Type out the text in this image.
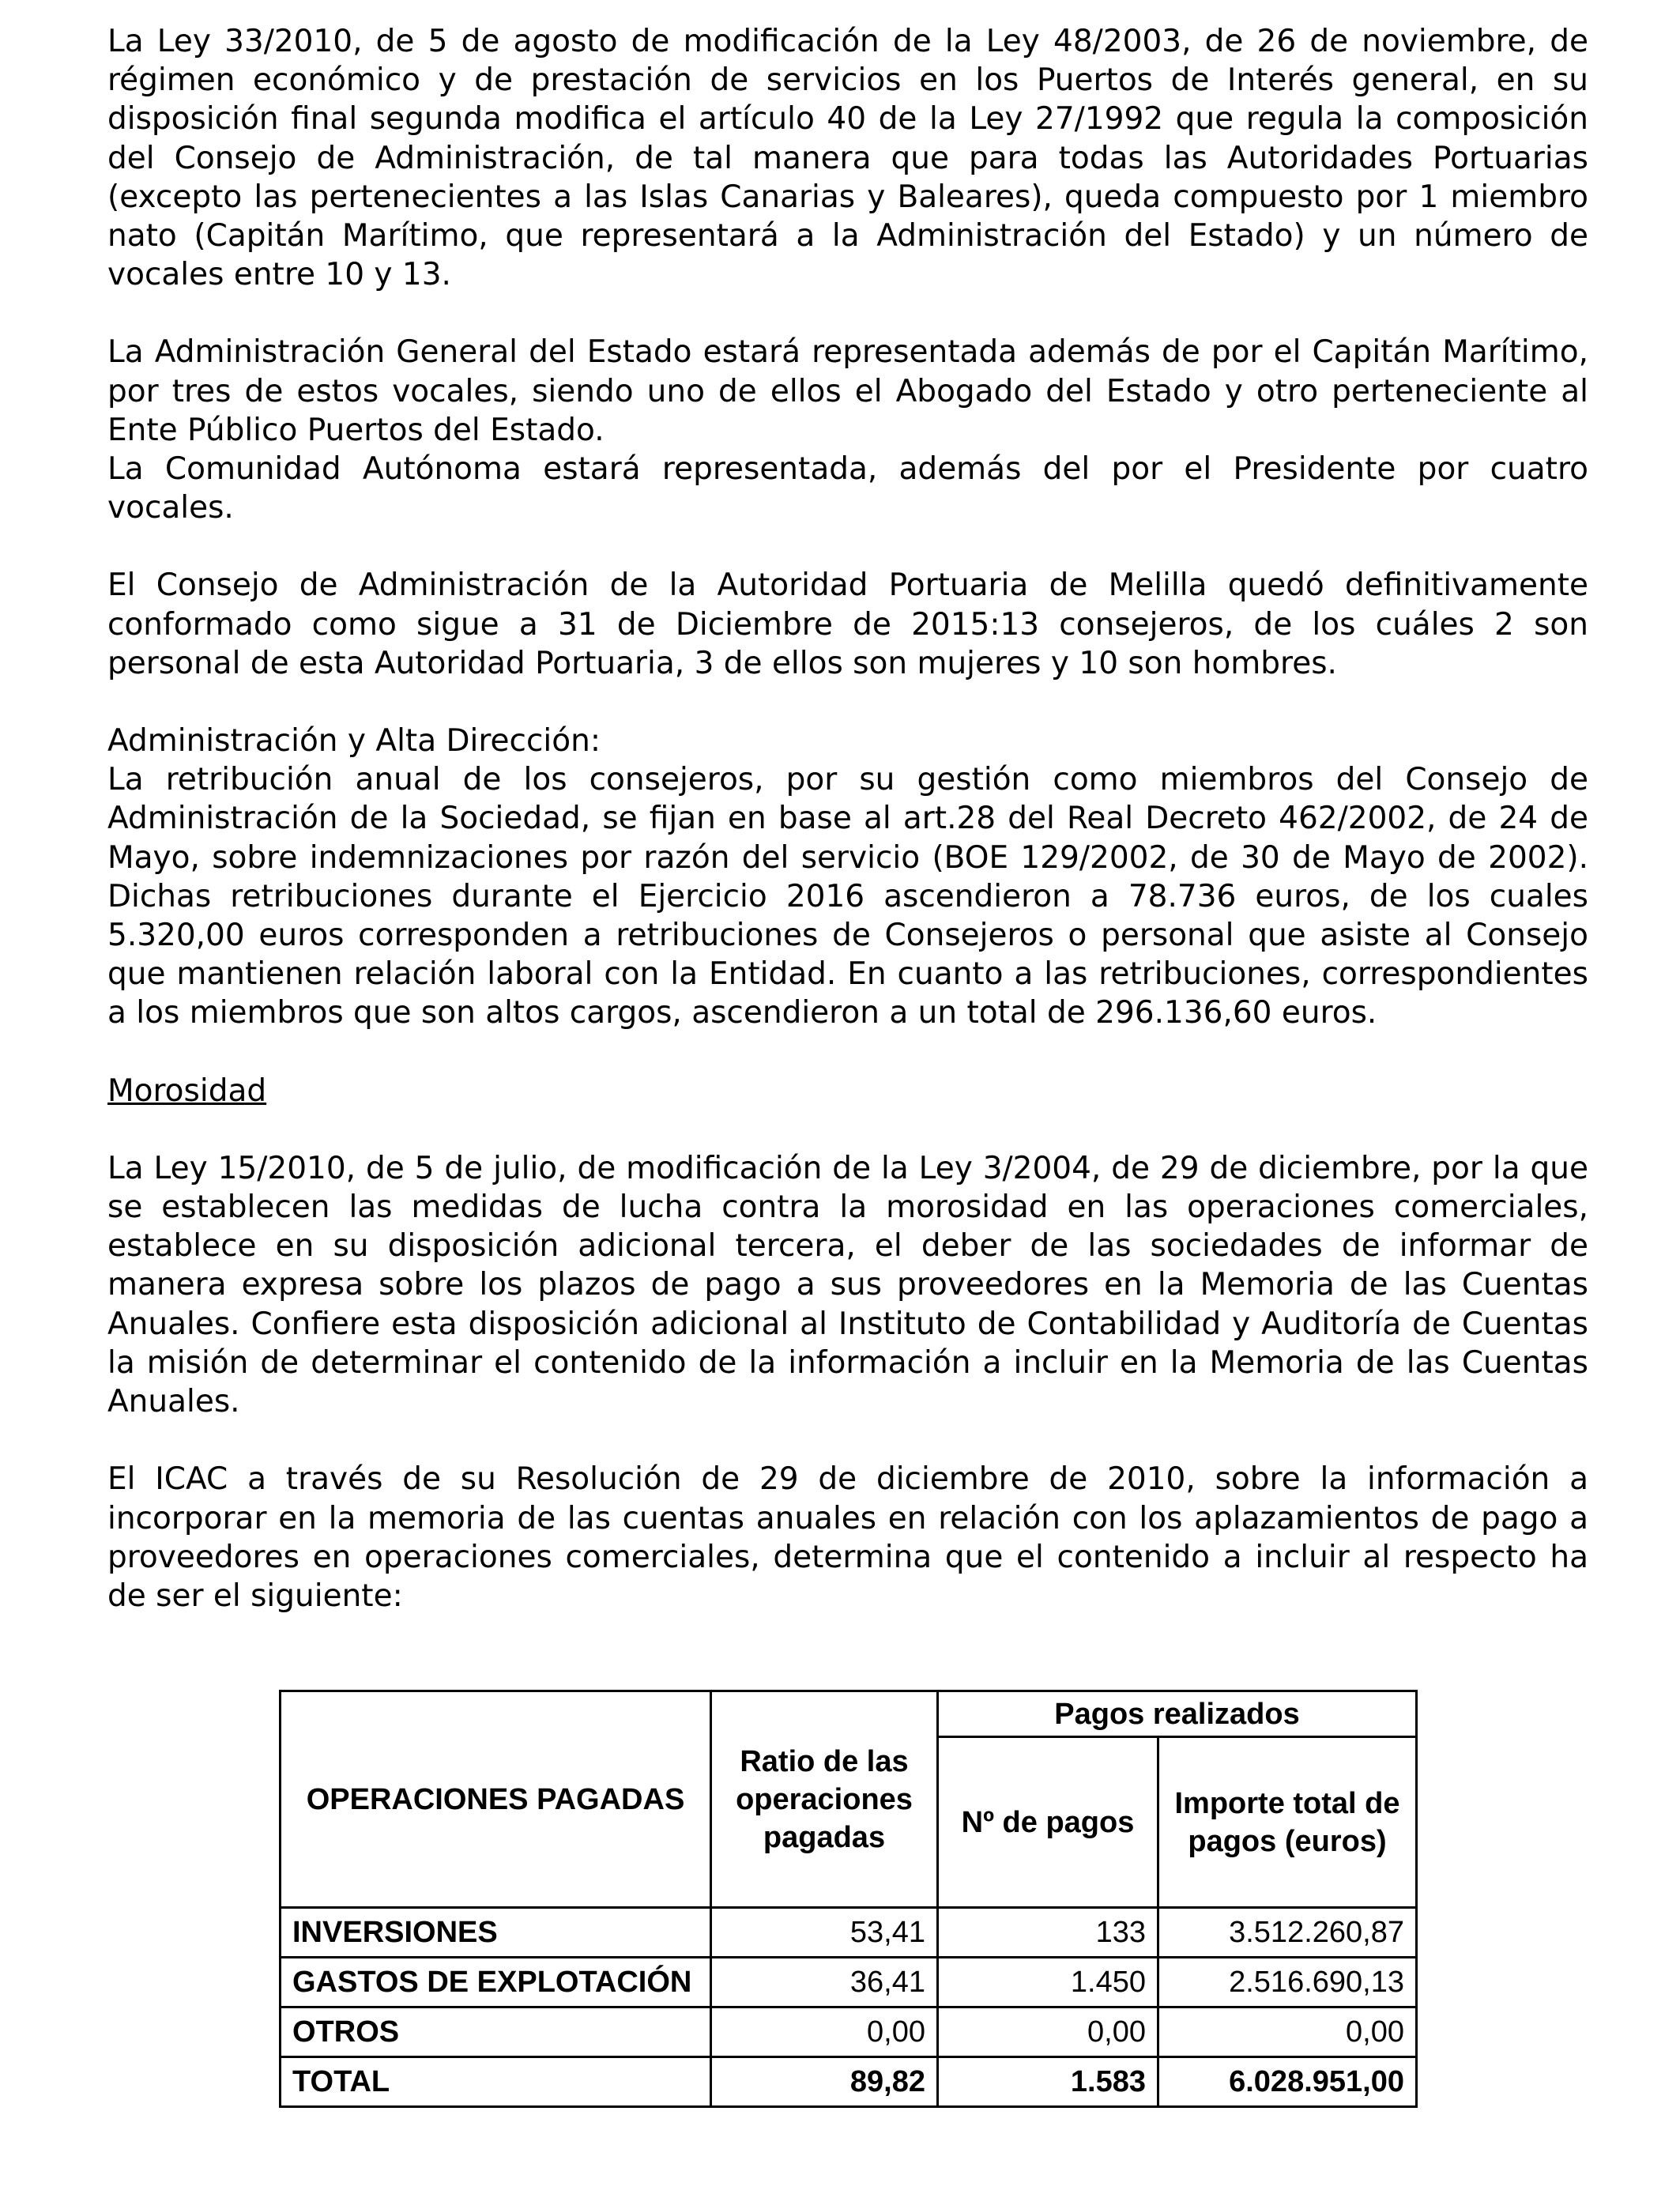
La Ley 33/2010, de 5 de agosto de modificación de la Ley 48/2003, de 26 de noviembre, de régimen económico y de prestación de servicios en los Puertos de Interés general, en su disposición final segunda modifica el artículo 40 de la Ley 27/1992 que regula la composición del Consejo de Administración, de tal manera que para todas las Autoridades Portuarias (excepto las pertenecientes a las Islas Canarias y Baleares), queda compuesto por 1 miembro nato (Capitán Marítimo, que representará a la Administración del Estado) y un número de vocales entre 10 y 13.

La Administración General del Estado estará representada además de por el Capitán Marítimo, por tres de estos vocales, siendo uno de ellos el Abogado del Estado y otro perteneciente al Ente Público Puertos del Estado.

La Comunidad Autónoma estará representada, además del por el Presidente por cuatro vocales.

El Consejo de Administración de la Autoridad Portuaria de Melilla quedó definitivamente conformado como sigue a 31 de Diciembre de 2015:13 consejeros, de los cuáles 2 son personal de esta Autoridad Portuaria, 3 de ellos son mujeres y 10 son hombres.

Administración y Alta Dirección:

La retribución anual de los consejeros, por su gestión como miembros del Consejo de Administración de la Sociedad, se fijan en base al art.28 del Real Decreto 462/2002, de 24 de Mayo, sobre indemnizaciones por razón del servicio (BOE 129/2002, de 30 de Mayo de 2002). Dichas retribuciones durante el Ejercicio 2016 ascendieron a 78.736 euros, de los cuales 5.320,00 euros corresponden a retribuciones de Consejeros o personal que asiste al Consejo que mantienen relación laboral con la Entidad. En cuanto a las retribuciones, correspondientes a los miembros que son altos cargos, ascendieron a un total de 296.136,60 euros.

Morosidad

La Ley 15/2010, de 5 de julio, de modificación de la Ley 3/2004, de 29 de diciembre, por la que se establecen las medidas de lucha contra la morosidad en las operaciones comerciales, establece en su disposición adicional tercera, el deber de las sociedades de informar de manera expresa sobre los plazos de pago a sus proveedores en la Memoria de las Cuentas Anuales. Confiere esta disposición adicional al Instituto de Contabilidad y Auditoría de Cuentas la misión de determinar el contenido de la información a incluir en la Memoria de las Cuentas Anuales.

El ICAC a través de su Resolución de 29 de diciembre de 2010, sobre la información a incorporar en la memoria de las cuentas anuales en relación con los aplazamientos de pago a proveedores en operaciones comerciales, determina que el contenido a incluir al respecto ha de ser el siguiente:

OPERACIONES PAGADAS	Ratio de las operaciones pagadas	Pagos realizados	
		Nº de pagos	Importe total de pagos (euros)
INVERSIONES	53,41	133	3.512.260,87
GASTOS DE EXPLOTACIÓN	36,41	1.450	2.516.690,13
OTROS	0,00	0,00	0,00
TOTAL	89,82	1.583	6.028.951,00
